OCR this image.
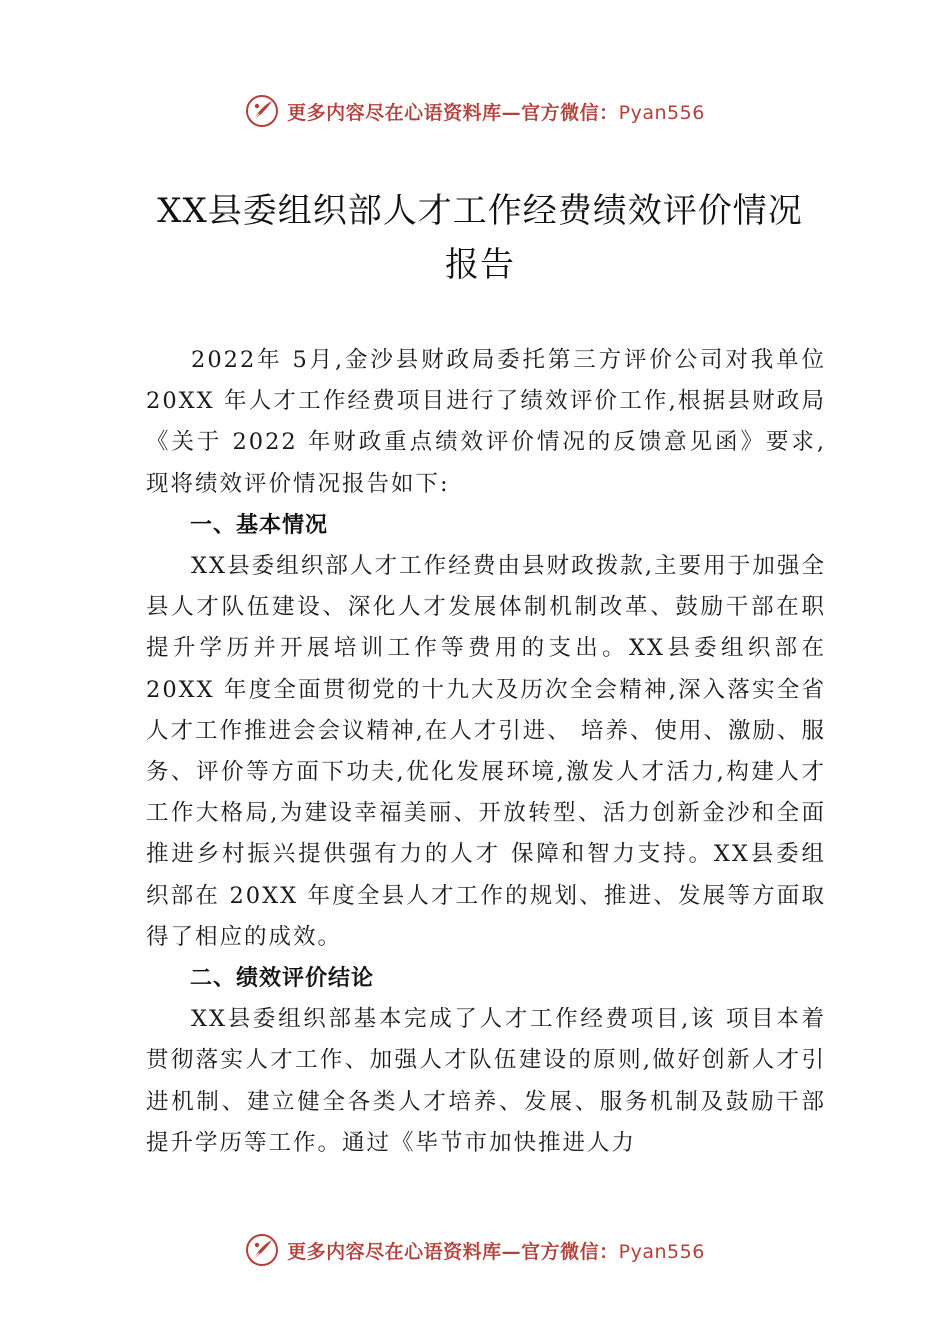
更多内容尽在心语资料库—官方微信：Pyan556
XX县委组织部人才工作经费绩效评价情况报告

2022年 5月,金沙县财政局委托第三方评价公司对我单位 20XX 年人才工作经费项目进行了绩效评价工作,根据县财政局《关于 2022 年财政重点绩效评价情况的反馈意见函》要求,现将绩效评价情况报告如下:

一、基本情况

XX县委组织部人才工作经费由县财政拨款,主要用于加强全县人才队伍建设、深化人才发展体制机制改革、鼓励干部在职提升学历并开展培训工作等费用的支出。XX县委组织部在 20XX 年度全面贯彻党的十九大及历次全会精神,深入落实全省人才工作推进会会议精神,在人才引进、 培养、使用、激励、服务、评价等方面下功夫,优化发展环境,激发人才活力,构建人才工作大格局,为建设幸福美丽、开放转型、活力创新金沙和全面推进乡村振兴提供强有力的人才 保障和智力支持。XX县委组织部在 20XX 年度全县人才工作的规划、推进、发展等方面取得了相应的成效。

二、绩效评价结论

XX县委组织部基本完成了人才工作经费项目,该 项目本着贯彻落实人才工作、加强人才队伍建设的原则,做好创新人才引进机制、建立健全各类人才培养、发展、服务机制及鼓励干部提升学历等工作。通过《毕节市加快推进人力

更多内容尽在心语资料库—官方微信：Pyan556
